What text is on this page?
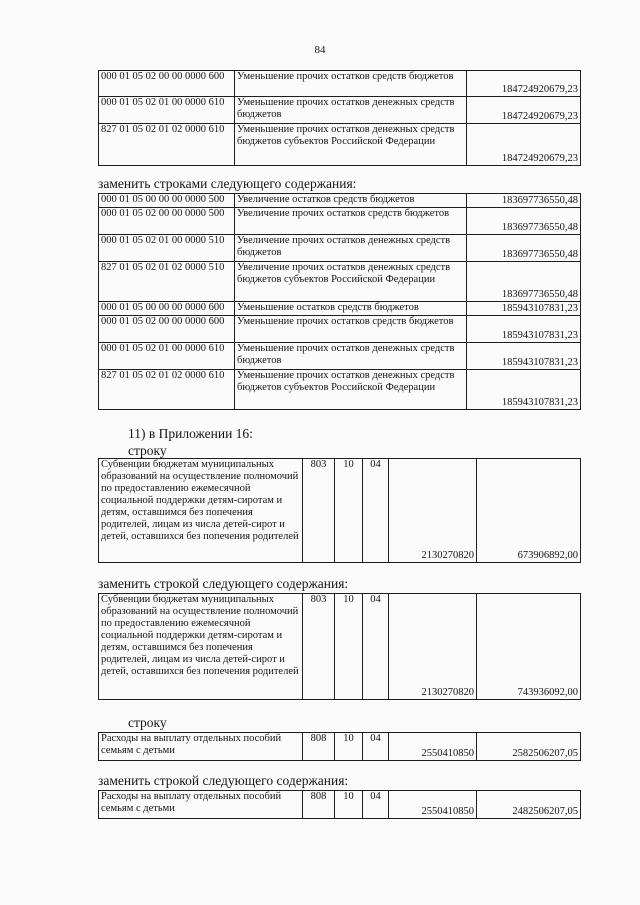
84
000 01 05 02 00 00 0000 600	Уменьшение прочих остатков средств бюджетов	184724920679,23
000 01 05 02 01 00 0000 610	Уменьшение прочих остатков денежных средств бюджетов	184724920679,23
827 01 05 02 01 02 0000 610	Уменьшение прочих остатков денежных средств бюджетов субъектов Российской Федерации	184724920679,23
заменить строками следующего содержания:
000 01 05 00 00 00 0000 500	Увеличение остатков средств бюджетов	183697736550,48
000 01 05 02 00 00 0000 500	Увеличение прочих остатков средств бюджетов	183697736550,48
000 01 05 02 01 00 0000 510	Увеличение прочих остатков денежных средств бюджетов	183697736550,48
827 01 05 02 01 02 0000 510	Увеличение прочих остатков денежных средств бюджетов субъектов Российской Федерации	183697736550,48
000 01 05 00 00 00 0000 600	Уменьшение остатков средств бюджетов	185943107831,23
000 01 05 02 00 00 0000 600	Уменьшение прочих остатков средств бюджетов	185943107831,23
000 01 05 02 01 00 0000 610	Уменьшение прочих остатков денежных средств бюджетов	185943107831,23
827 01 05 02 01 02 0000 610	Уменьшение прочих остатков денежных средств бюджетов субъектов Российской Федерации	185943107831,23
11) в Приложении 16:
строку
Субвенции бюджетам муниципальных образований на осуществление полномочий по предоставлению ежемесячной социальной поддержки детям-сиротам и детям, оставшимся без попечения родителей, лицам из числа детей-сирот и детей, оставшихся без попечения родителей	803	10	04	2130270820	673906892,00
заменить строкой следующего содержания:
Субвенции бюджетам муниципальных образований на осуществление полномочий по предоставлению ежемесячной социальной поддержки детям-сиротам и детям, оставшимся без попечения родителей, лицам из числа детей-сирот и детей, оставшихся без попечения родителей	803	10	04	2130270820	743936092,00
строку
Расходы на выплату отдельных пособий семьям с детьми	808	10	04	2550410850	2582506207,05
заменить строкой следующего содержания:
Расходы на выплату отдельных пособий семьям с детьми	808	10	04	2550410850	2482506207,05
